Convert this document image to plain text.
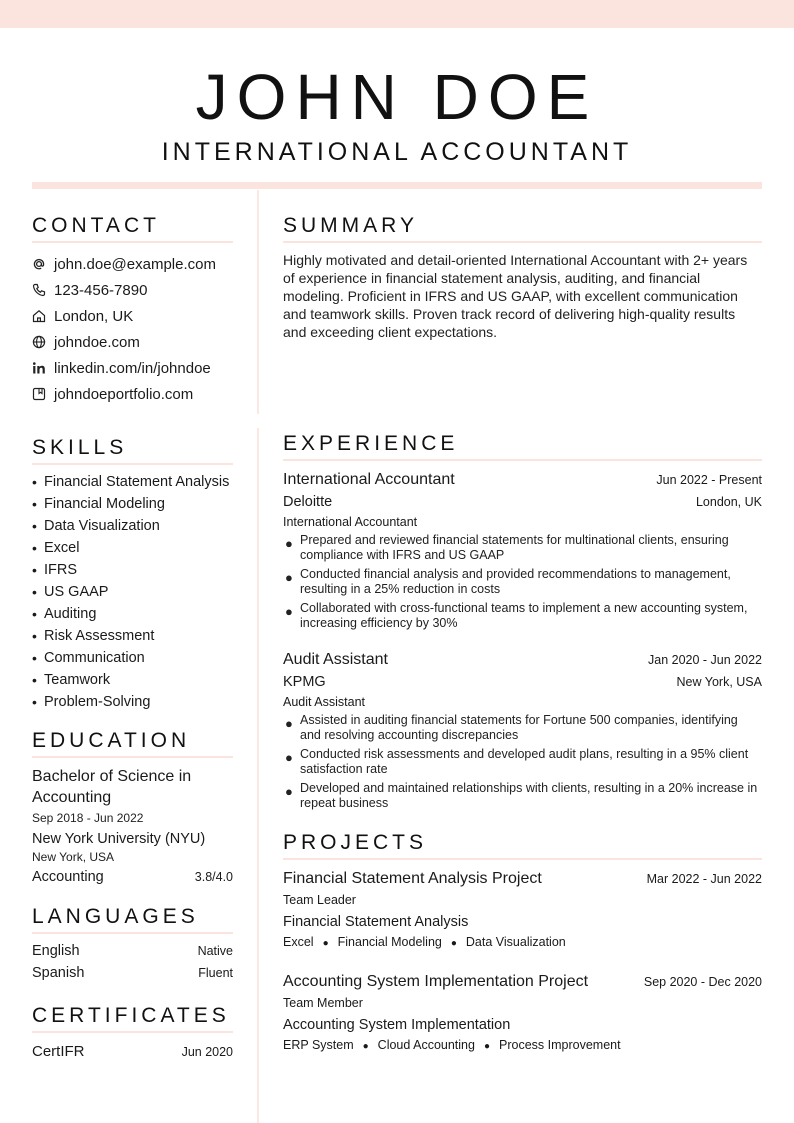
JOHN DOE
INTERNATIONAL ACCOUNTANT
CONTACT
john.doe@example.com
123-456-7890
London, UK
johndoe.com
linkedin.com/in/johndoe
johndoeportfolio.com
SKILLS
• Financial Statement Analysis
• Financial Modeling
• Data Visualization
• Excel
• IFRS
• US GAAP
• Auditing
• Risk Assessment
• Communication
• Teamwork
• Problem-Solving
EDUCATION
Bachelor of Science in Accounting
Sep 2018 - Jun 2022
New York University (NYU)
New York, USA
Accounting	3.8/4.0
LANGUAGES
English	Native
Spanish	Fluent
CERTIFICATES
CertIFR	Jun 2020
SUMMARY
Highly motivated and detail-oriented International Accountant with 2+ years of experience in financial statement analysis, auditing, and financial modeling. Proficient in IFRS and US GAAP, with excellent communication and teamwork skills. Proven track record of delivering high-quality results and exceeding client expectations.
EXPERIENCE
International Accountant	Jun 2022 - Present
Deloitte	London, UK
International Accountant
● Prepared and reviewed financial statements for multinational clients, ensuring compliance with IFRS and US GAAP
● Conducted financial analysis and provided recommendations to management, resulting in a 25% reduction in costs
● Collaborated with cross-functional teams to implement a new accounting system, increasing efficiency by 30%
Audit Assistant	Jan 2020 - Jun 2022
KPMG	New York, USA
Audit Assistant
● Assisted in auditing financial statements for Fortune 500 companies, identifying and resolving accounting discrepancies
● Conducted risk assessments and developed audit plans, resulting in a 95% client satisfaction rate
● Developed and maintained relationships with clients, resulting in a 20% increase in repeat business
PROJECTS
Financial Statement Analysis Project	Mar 2022 - Jun 2022
Team Leader
Financial Statement Analysis
Excel ● Financial Modeling ● Data Visualization
Accounting System Implementation Project	Sep 2020 - Dec 2020
Team Member
Accounting System Implementation
ERP System ● Cloud Accounting ● Process Improvement
